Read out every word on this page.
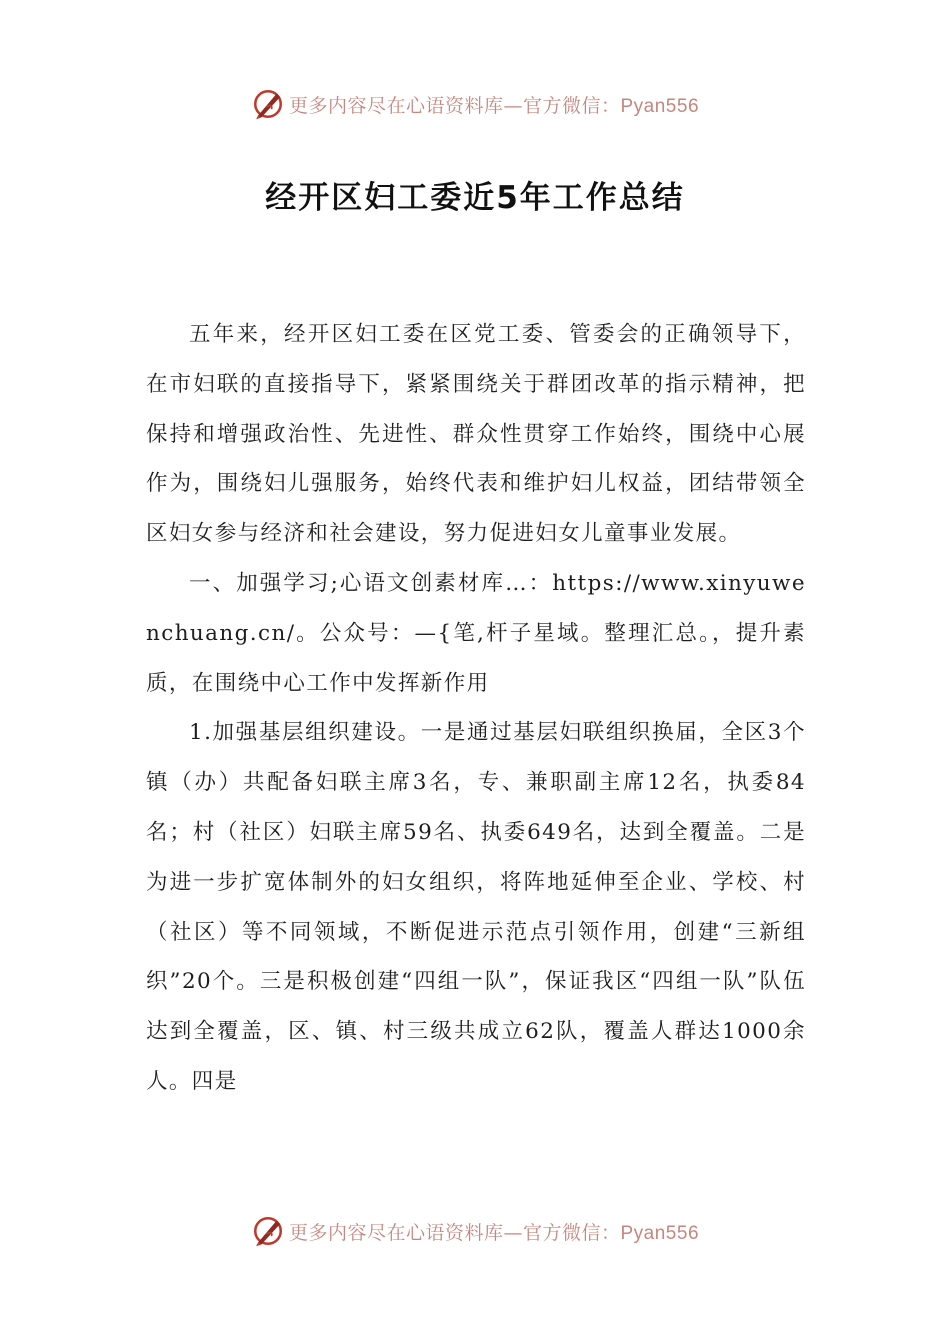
更多内容尽在心语资料库—官方微信：Pyan556
经开区妇工委近5年工作总结

五年来，经开区妇工委在区党工委、管委会的正确领导下，在市妇联的直接指导下，紧紧围绕关于群团改革的指示精神，把保持和增强政治性、先进性、群众性贯穿工作始终，围绕中心展作为，围绕妇儿强服务，始终代表和维护妇儿权益，团结带领全区妇女参与经济和社会建设，努力促进妇女儿童事业发展。

一、加强学习;心语文创素材库…：https://www.xinyuwenchuang.cn/。公众号：—{笔,杆子星域。整理汇总。，提升素质，在围绕中心工作中发挥新作用

1.加强基层组织建设。一是通过基层妇联组织换届，全区3个镇（办）共配备妇联主席3名，专、兼职副主席12名，执委84名；村（社区）妇联主席59名、执委649名，达到全覆盖。二是为进一步扩宽体制外的妇女组织，将阵地延伸至企业、学校、村（社区）等不同领域，不断促进示范点引领作用，创建“三新组织”20个。三是积极创建“四组一队”，保证我区“四组一队”队伍达到全覆盖，区、镇、村三级共成立62队，覆盖人群达1000余人。四是

更多内容尽在心语资料库—官方微信：Pyan556
